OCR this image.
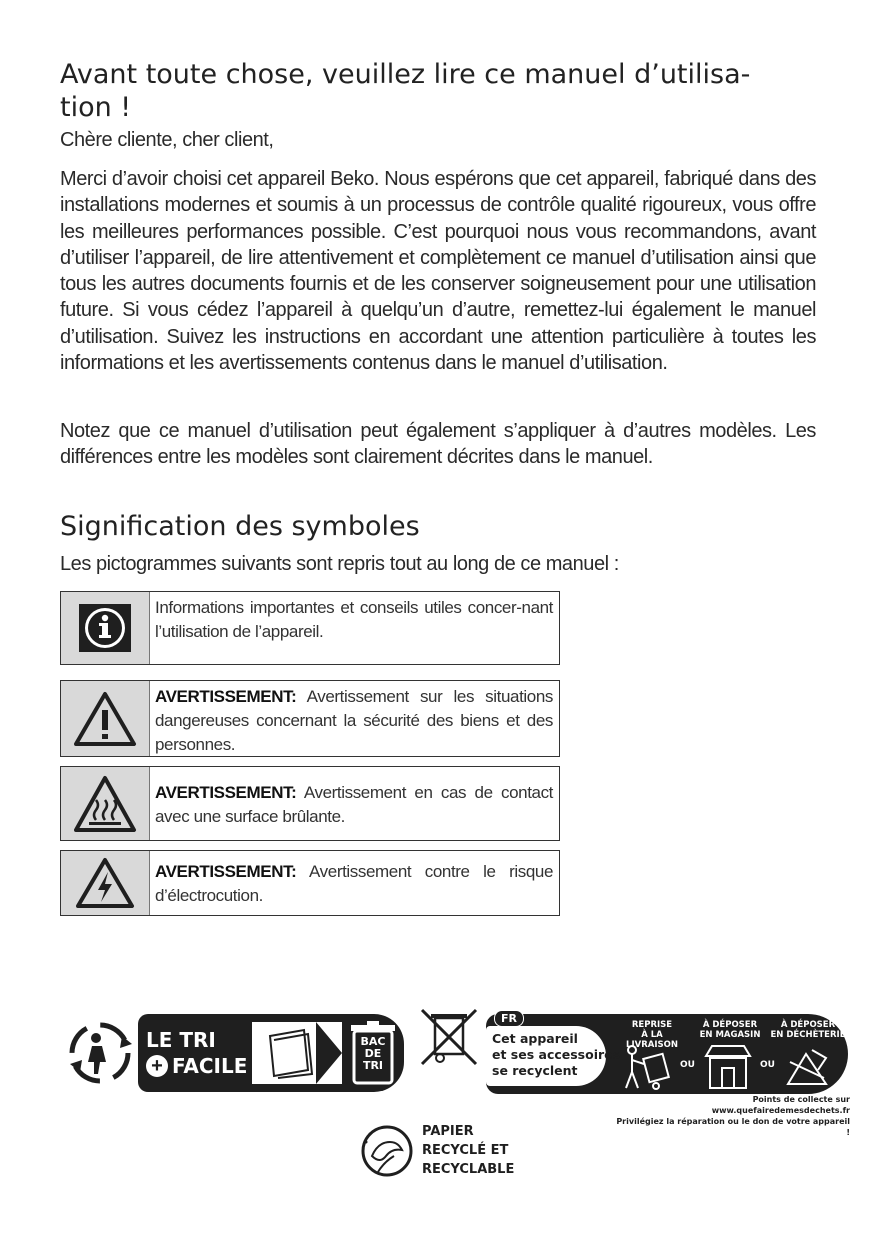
Avant toute chose, veuillez lire ce manuel d’utilisa-
tion !

Chère cliente, cher client,

Merci d’avoir choisi cet appareil Beko. Nous espérons que cet appareil, fabriqué dans des installations modernes et soumis à un processus de contrôle qualité rigoureux, vous offre les meilleures performances possible. C’est pourquoi nous vous recommandons, avant d’utiliser l’appareil, de lire attentivement et complètement ce manuel d’utilisation ainsi que tous les autres documents fournis et de les conserver soigneusement pour une utilisation future. Si vous cédez l’appareil à quelqu’un d’autre, remettez-lui également le manuel d’utilisation. Suivez les instructions en accordant une attention particulière à toutes les informations et les avertissements contenus dans le manuel d’utilisation.

Notez que ce manuel d’utilisation peut également s’appliquer à d’autres modèles. Les différences entre les modèles sont clairement décrites dans le manuel.

Signification des symboles

Les pictogrammes suivants sont repris tout au long de ce manuel :

Informations importantes et conseils utiles concer-nant l’utilisation de l’appareil.
AVERTISSEMENT: Avertissement sur les situations dangereuses concernant la sécurité des biens et des personnes.
AVERTISSEMENT: Avertissement en cas de contact avec une surface brûlante.
AVERTISSEMENT: Avertissement contre le risque d’électrocution.
LE TRI
+ FACILE
BAC
DE
TRI
FR
Cet appareil
et ses accessoires
se recyclent
REPRISE
À LA LIVRAISON
À DÉPOSER
EN MAGASIN
À DÉPOSER
EN DÉCHÈTERIE
OU	OU
Points de collecte sur www.quefairedemesdechets.fr
Privilégiez la réparation ou le don de votre appareil !
PAPIER
RECYCLÉ ET
RECYCLABLE
